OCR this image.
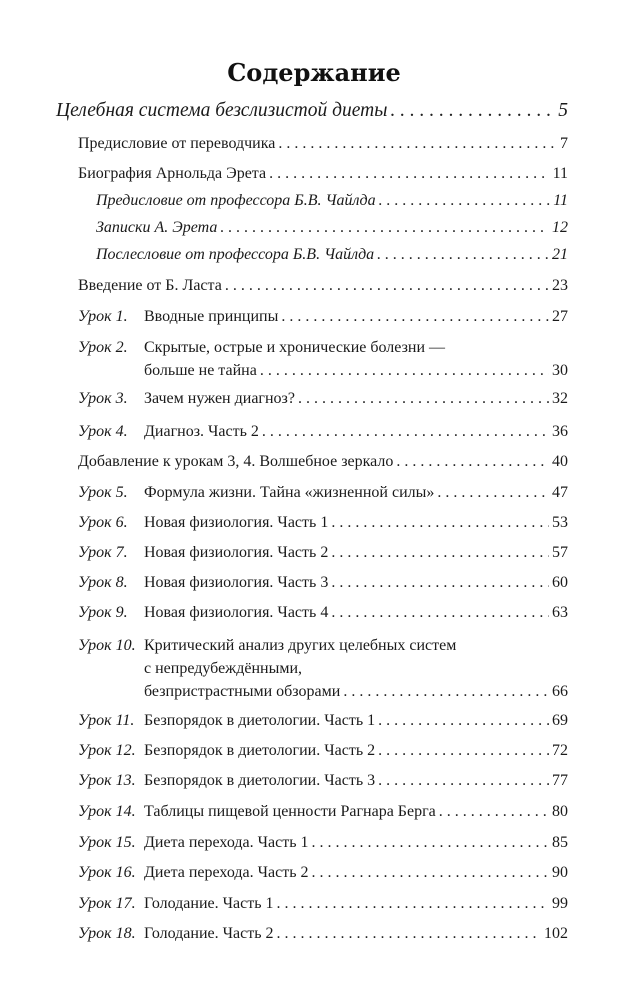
Содержание
Целебная система безслизистой диеты . . .	5
Предисловие от переводчика . . .	7
Биография Арнольда Эрета . . .	11
Предисловие от профессора Б.В. Чайлда . . .	11
Записки А. Эрета . . .	12
Послесловие от профессора Б.В. Чайлда . . .	21
Введение от Б. Ласта . . .	23
Урок 1. Вводные принципы . . .	27
Урок 2. Скрытые, острые и хронические болезни —
больше не тайна . . .	30
Урок 3. Зачем нужен диагноз? . . .	32
Урок 4. Диагноз. Часть 2 . . .	36
Добавление к урокам 3, 4. Волшебное зеркало . . .	40
Урок 5. Формула жизни. Тайна «жизненной силы» . . .	47
Урок 6. Новая физиология. Часть 1 . . .	53
Урок 7. Новая физиология. Часть 2 . . .	57
Урок 8. Новая физиология. Часть 3 . . .	60
Урок 9. Новая физиология. Часть 4 . . .	63
Урок 10. Критический анализ других целебных систем
с непредубеждёнными,
безпристрастными обзорами . . .	66
Урок 11. Безпорядок в диетологии. Часть 1 . . .	69
Урок 12. Безпорядок в диетологии. Часть 2 . . .	72
Урок 13. Безпорядок в диетологии. Часть 3 . . .	77
Урок 14. Таблицы пищевой ценности Рагнара Берга . . .	80
Урок 15. Диета перехода. Часть 1 . . .	85
Урок 16. Диета перехода. Часть 2 . . .	90
Урок 17. Голодание. Часть 1 . . .	99
Урок 18. Голодание. Часть 2 . . .	102
